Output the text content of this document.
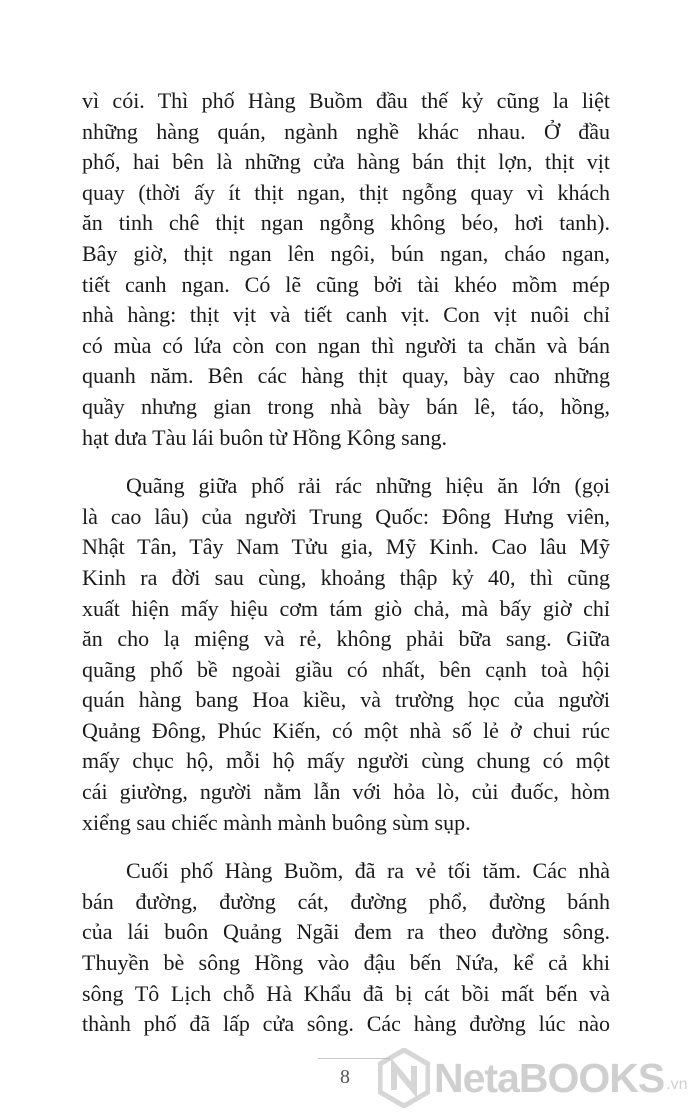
vì cói. Thì phố Hàng Buồm đầu thế kỷ cũng la liệt
những hàng quán, ngành nghề khác nhau. Ở đầu
phố, hai bên là những cửa hàng bán thịt lợn, thịt vịt
quay (thời ấy ít thịt ngan, thịt ngỗng quay vì khách
ăn tinh chê thịt ngan ngỗng không béo, hơi tanh).
Bây giờ, thịt ngan lên ngôi, bún ngan, cháo ngan,
tiết canh ngan. Có lẽ cũng bởi tài khéo mồm mép
nhà hàng: thịt vịt và tiết canh vịt. Con vịt nuôi chỉ
có mùa có lứa còn con ngan thì người ta chăn và bán
quanh năm. Bên các hàng thịt quay, bày cao những
quầy nhưng gian trong nhà bày bán lê, táo, hồng,
hạt dưa Tàu lái buôn từ Hồng Kông sang.
Quãng giữa phố rải rác những hiệu ăn lớn (gọi
là cao lâu) của người Trung Quốc: Đông Hưng viên,
Nhật Tân, Tây Nam Tửu gia, Mỹ Kinh. Cao lâu Mỹ
Kinh ra đời sau cùng, khoảng thập kỷ 40, thì cũng
xuất hiện mấy hiệu cơm tám giò chả, mà bấy giờ chỉ
ăn cho lạ miệng và rẻ, không phải bữa sang. Giữa
quãng phố bề ngoài giầu có nhất, bên cạnh toà hội
quán hàng bang Hoa kiều, và trường học của người
Quảng Đông, Phúc Kiến, có một nhà số lẻ ở chui rúc
mấy chục hộ, mỗi hộ mấy người cùng chung có một
cái giường, người nằm lẫn với hỏa lò, củi đuốc, hòm
xiểng sau chiếc mành mành buông sùm sụp.
Cuối phố Hàng Buồm, đã ra vẻ tối tăm. Các nhà
bán đường, đường cát, đường phổ, đường bánh
của lái buôn Quảng Ngãi đem ra theo đường sông.
Thuyền bè sông Hồng vào đậu bến Nứa, kể cả khi
sông Tô Lịch chỗ Hà Khẩu đã bị cát bồi mất bến và
thành phố đã lấp cửa sông. Các hàng đường lúc nào
8 NetaBOOKS .vn
